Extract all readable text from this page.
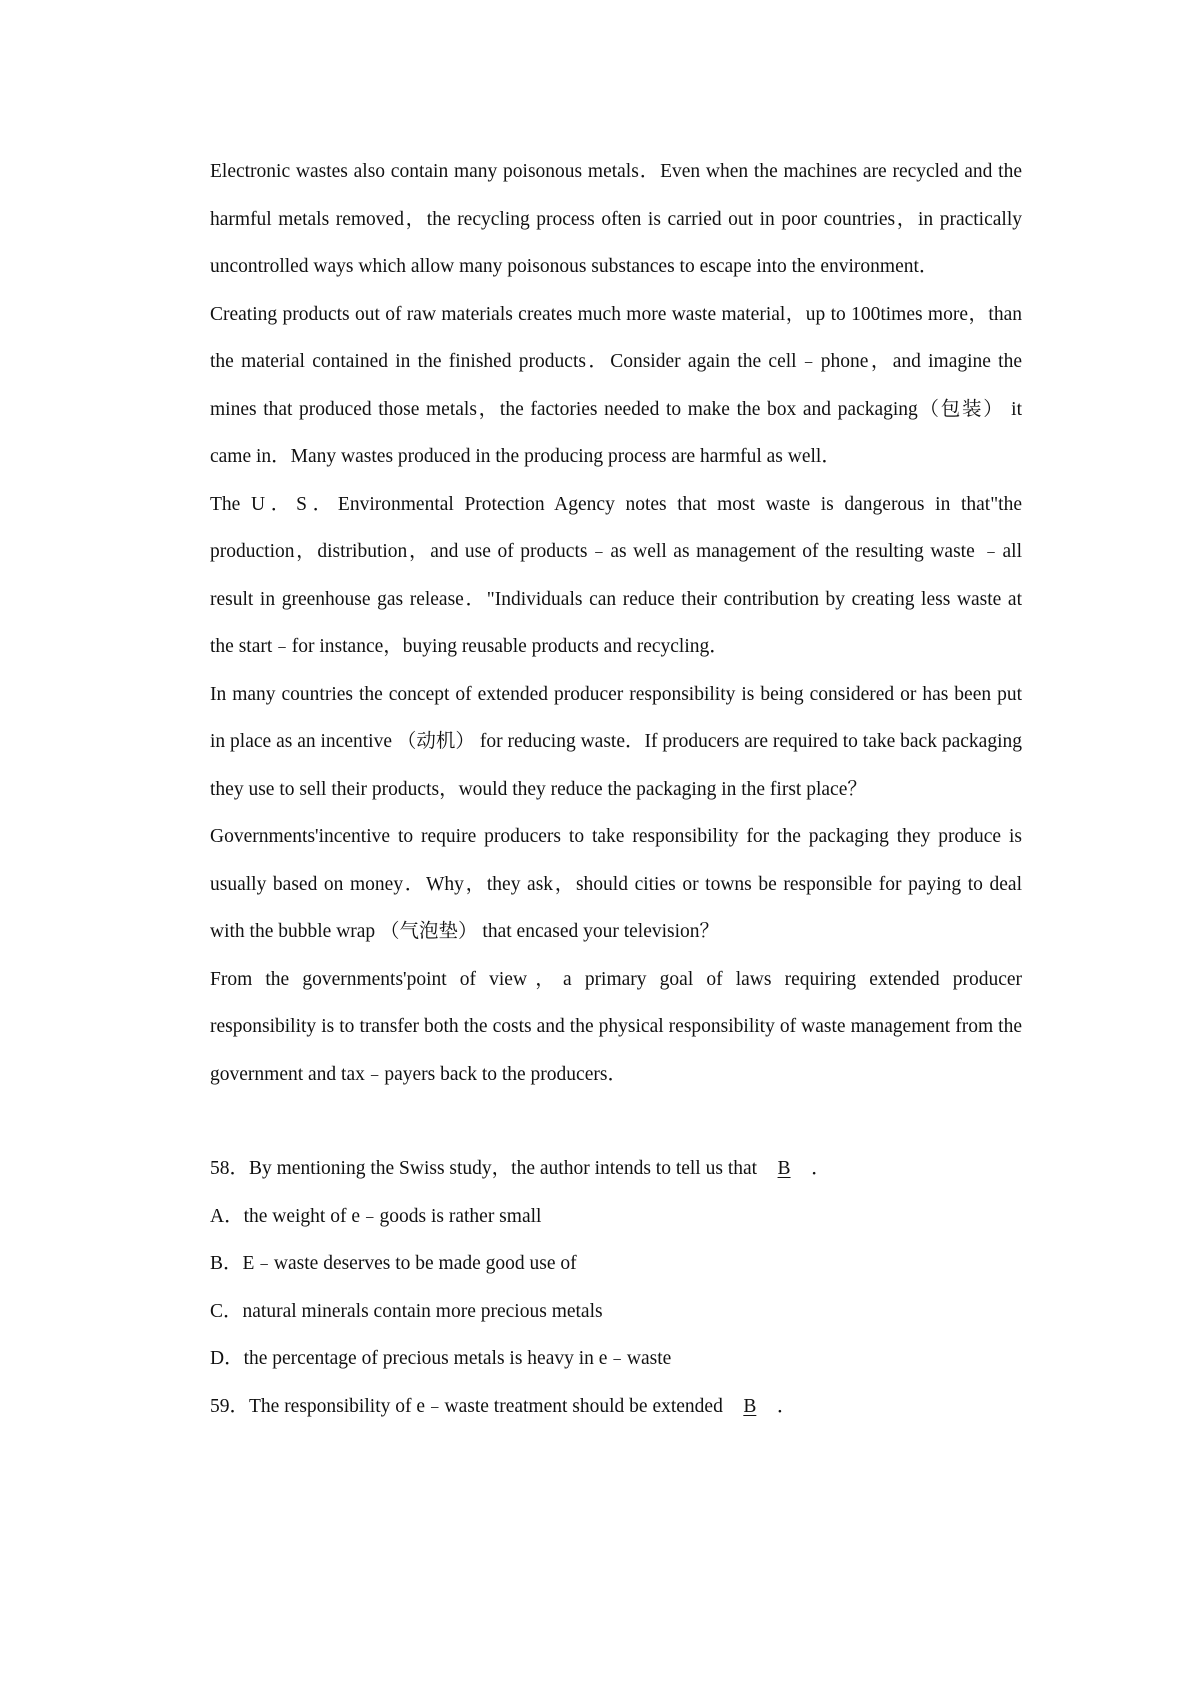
Electronic wastes also contain many poisonous metals．Even when the machines are recycled and the harmful metals removed，the recycling process often is carried out in poor countries，in practically uncontrolled ways which allow many poisonous substances to escape into the environment．

Creating products out of raw materials creates much more waste material，up to 100times more，than the material contained in the finished products．Consider again the cell﹣phone，and imagine the mines that produced those metals，the factories needed to make the box and packaging（包装） it came in．Many wastes produced in the producing process are harmful as well．

The U．S．Environmental Protection Agency notes that most waste is dangerous in that"the production，distribution，and use of products﹣as well as management of the resulting waste ﹣all result in greenhouse gas release．"Individuals can reduce their contribution by creating less waste at the start﹣for instance，buying reusable products and recycling．

In many countries the concept of extended producer responsibility is being considered or has been put in place as an incentive （动机） for reducing waste．If producers are required to take back packaging they use to sell their products，would they reduce the packaging in the first place？

Governments'incentive to require producers to take responsibility for the packaging they produce is usually based on money．Why，they ask，should cities or towns be responsible for paying to deal with the bubble wrap （气泡垫） that encased your television？

From the governments'point of view，a primary goal of laws requiring extended producer responsibility is to transfer both the costs and the physical responsibility of waste management from the government and tax﹣payers back to the producers．

58．By mentioning the Swiss study，the author intends to tell us that B ．

A．the weight of e﹣goods is rather small

B．E﹣waste deserves to be made good use of

C．natural minerals contain more precious metals

D．the percentage of precious metals is heavy in e﹣waste

59．The responsibility of e﹣waste treatment should be extended B ．
